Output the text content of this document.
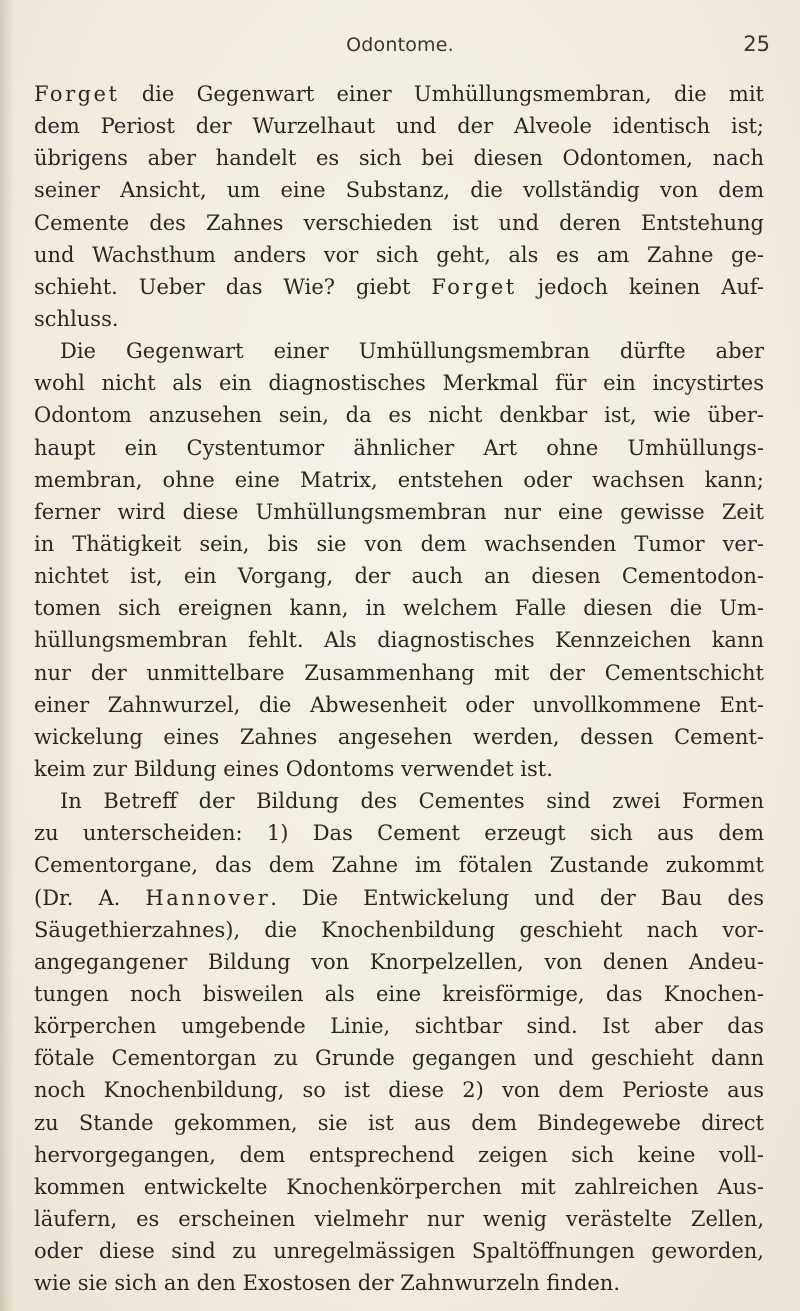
Odontome.	25
Forget die Gegenwart einer Umhüllungsmembran, die mit
dem Periost der Wurzelhaut und der Alveole identisch ist;
übrigens aber handelt es sich bei diesen Odontomen, nach
seiner Ansicht, um eine Substanz, die vollständig von dem
Cemente des Zahnes verschieden ist und deren Entstehung
und Wachsthum anders vor sich geht, als es am Zahne ge-
schieht. Ueber das Wie? giebt Forget jedoch keinen Auf-
schluss.
Die Gegenwart einer Umhüllungsmembran dürfte aber
wohl nicht als ein diagnostisches Merkmal für ein incystirtes
Odontom anzusehen sein, da es nicht denkbar ist, wie über-
haupt ein Cystentumor ähnlicher Art ohne Umhüllungs-
membran, ohne eine Matrix, entstehen oder wachsen kann;
ferner wird diese Umhüllungsmembran nur eine gewisse Zeit
in Thätigkeit sein, bis sie von dem wachsenden Tumor ver-
nichtet ist, ein Vorgang, der auch an diesen Cementodon-
tomen sich ereignen kann, in welchem Falle diesen die Um-
hüllungsmembran fehlt. Als diagnostisches Kennzeichen kann
nur der unmittelbare Zusammenhang mit der Cementschicht
einer Zahnwurzel, die Abwesenheit oder unvollkommene Ent-
wickelung eines Zahnes angesehen werden, dessen Cement-
keim zur Bildung eines Odontoms verwendet ist.
In Betreff der Bildung des Cementes sind zwei Formen
zu unterscheiden: 1) Das Cement erzeugt sich aus dem
Cementorgane, das dem Zahne im fötalen Zustande zukommt
(Dr. A. Hannover. Die Entwickelung und der Bau des
Säugethierzahnes), die Knochenbildung geschieht nach vor-
angegangener Bildung von Knorpelzellen, von denen Andeu-
tungen noch bisweilen als eine kreisförmige, das Knochen-
körperchen umgebende Linie, sichtbar sind. Ist aber das
fötale Cementorgan zu Grunde gegangen und geschieht dann
noch Knochenbildung, so ist diese 2) von dem Perioste aus
zu Stande gekommen, sie ist aus dem Bindegewebe direct
hervorgegangen, dem entsprechend zeigen sich keine voll-
kommen entwickelte Knochenkörperchen mit zahlreichen Aus-
läufern, es erscheinen vielmehr nur wenig verästelte Zellen,
oder diese sind zu unregelmässigen Spaltöffnungen geworden,
wie sie sich an den Exostosen der Zahnwurzeln finden.
